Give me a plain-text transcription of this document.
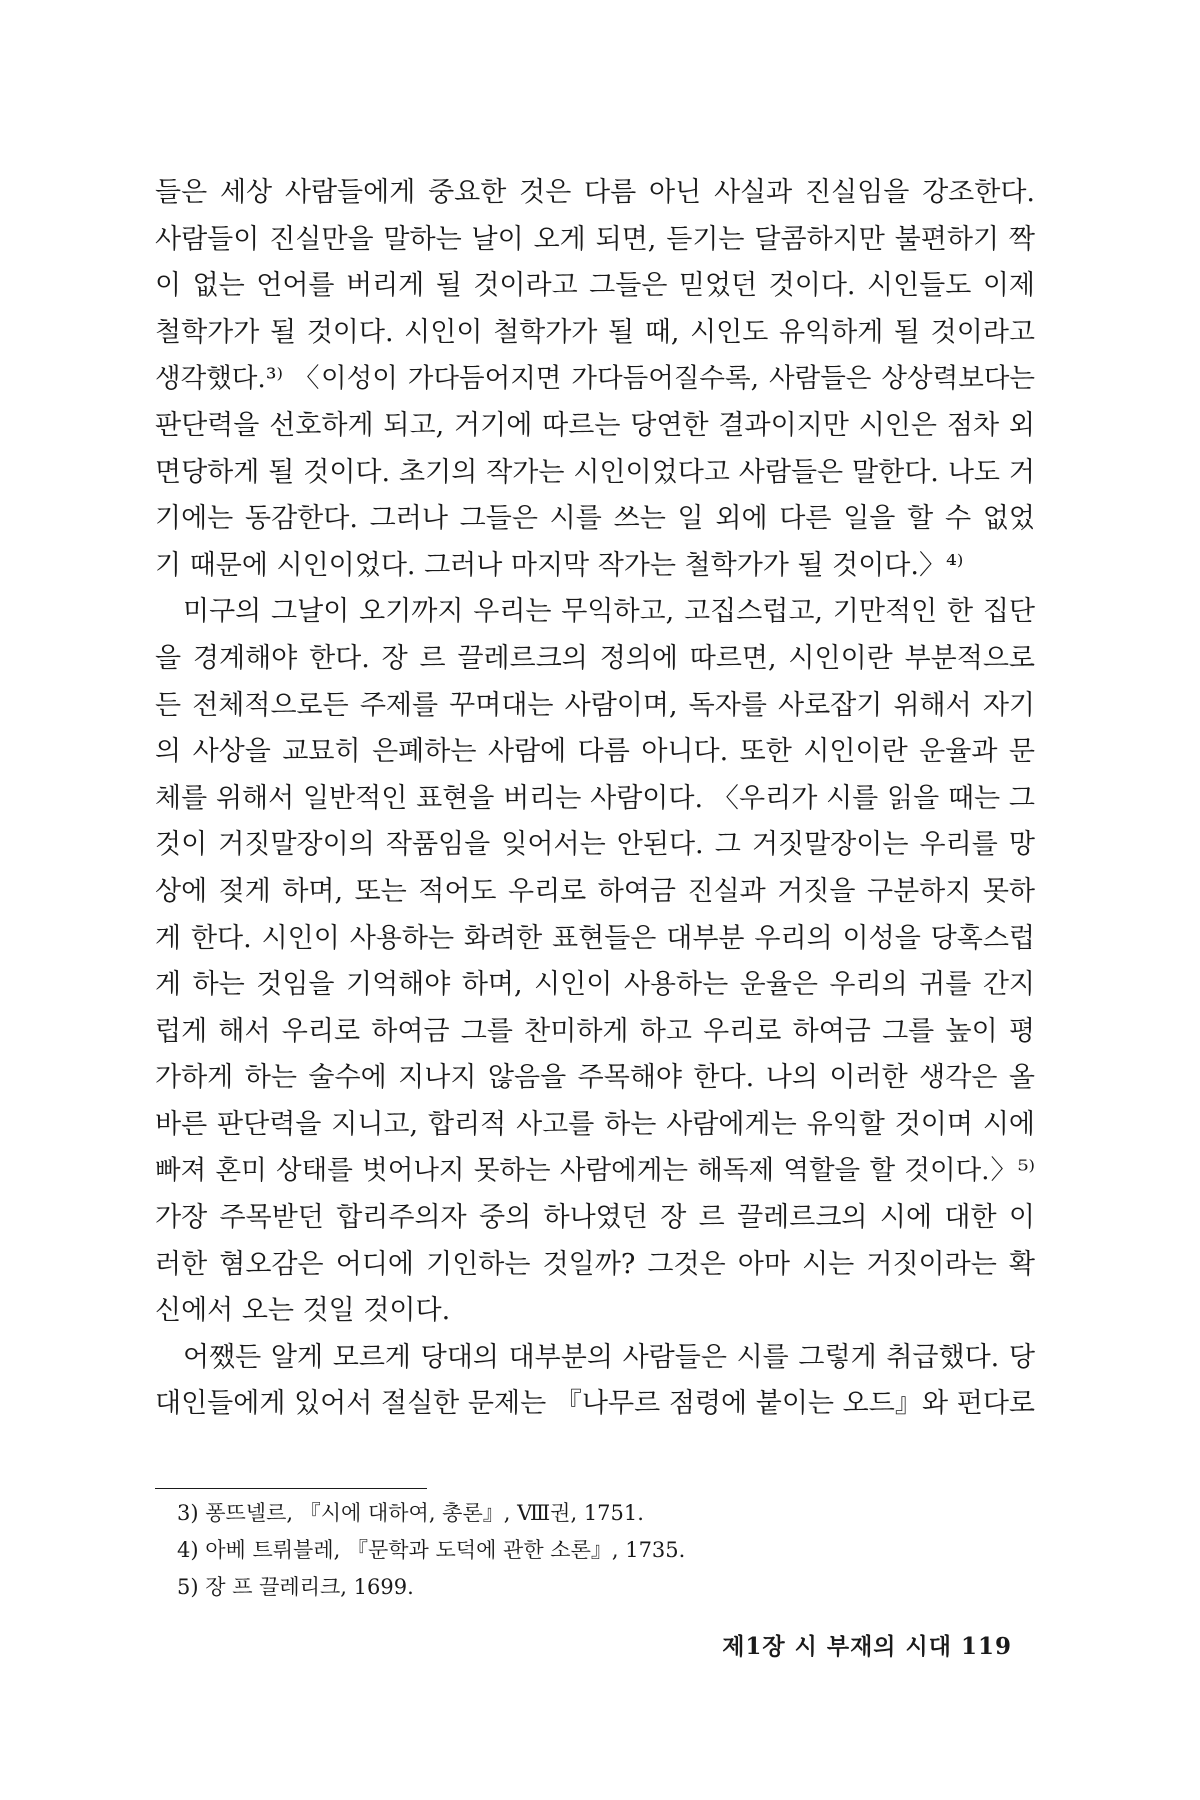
들은 세상 사람들에게 중요한 것은 다름 아닌 사실과 진실임을 강조한다.
사람들이 진실만을 말하는 날이 오게 되면, 듣기는 달콤하지만 불편하기 짝
이 없는 언어를 버리게 될 것이라고 그들은 믿었던 것이다. 시인들도 이제
철학가가 될 것이다. 시인이 철학가가 될 때, 시인도 유익하게 될 것이라고
생각했다.³⁾ 〈이성이 가다듬어지면 가다듬어질수록, 사람들은 상상력보다는
판단력을 선호하게 되고, 거기에 따르는 당연한 결과이지만 시인은 점차 외
면당하게 될 것이다. 초기의 작가는 시인이었다고 사람들은 말한다. 나도 거
기에는 동감한다. 그러나 그들은 시를 쓰는 일 외에 다른 일을 할 수 없었
기 때문에 시인이었다. 그러나 마지막 작가는 철학가가 될 것이다.〉⁴⁾
미구의 그날이 오기까지 우리는 무익하고, 고집스럽고, 기만적인 한 집단
을 경계해야 한다. 장 르 끌레르크의 정의에 따르면, 시인이란 부분적으로
든 전체적으로든 주제를 꾸며대는 사람이며, 독자를 사로잡기 위해서 자기
의 사상을 교묘히 은폐하는 사람에 다름 아니다. 또한 시인이란 운율과 문
체를 위해서 일반적인 표현을 버리는 사람이다. 〈우리가 시를 읽을 때는 그
것이 거짓말장이의 작품임을 잊어서는 안된다. 그 거짓말장이는 우리를 망
상에 젖게 하며, 또는 적어도 우리로 하여금 진실과 거짓을 구분하지 못하
게 한다. 시인이 사용하는 화려한 표현들은 대부분 우리의 이성을 당혹스럽
게 하는 것임을 기억해야 하며, 시인이 사용하는 운율은 우리의 귀를 간지
럽게 해서 우리로 하여금 그를 찬미하게 하고 우리로 하여금 그를 높이 평
가하게 하는 술수에 지나지 않음을 주목해야 한다. 나의 이러한 생각은 올
바른 판단력을 지니고, 합리적 사고를 하는 사람에게는 유익할 것이며 시에
빠져 혼미 상태를 벗어나지 못하는 사람에게는 해독제 역할을 할 것이다.〉⁵⁾
가장 주목받던 합리주의자 중의 하나였던 장 르 끌레르크의 시에 대한 이
러한 혐오감은 어디에 기인하는 것일까? 그것은 아마 시는 거짓이라는 확
신에서 오는 것일 것이다.
어쨌든 알게 모르게 당대의 대부분의 사람들은 시를 그렇게 취급했다. 당
대인들에게 있어서 절실한 문제는 『나무르 점령에 붙이는 오드』와 펀다로
3) 퐁뜨넬르, 『시에 대하여, 총론』, Ⅷ권, 1751.
4) 아베 트뤼블레, 『문학과 도덕에 관한 소론』, 1735.
5) 장 프 끌레리크, 1699.
제1장 시 부재의 시대 119
